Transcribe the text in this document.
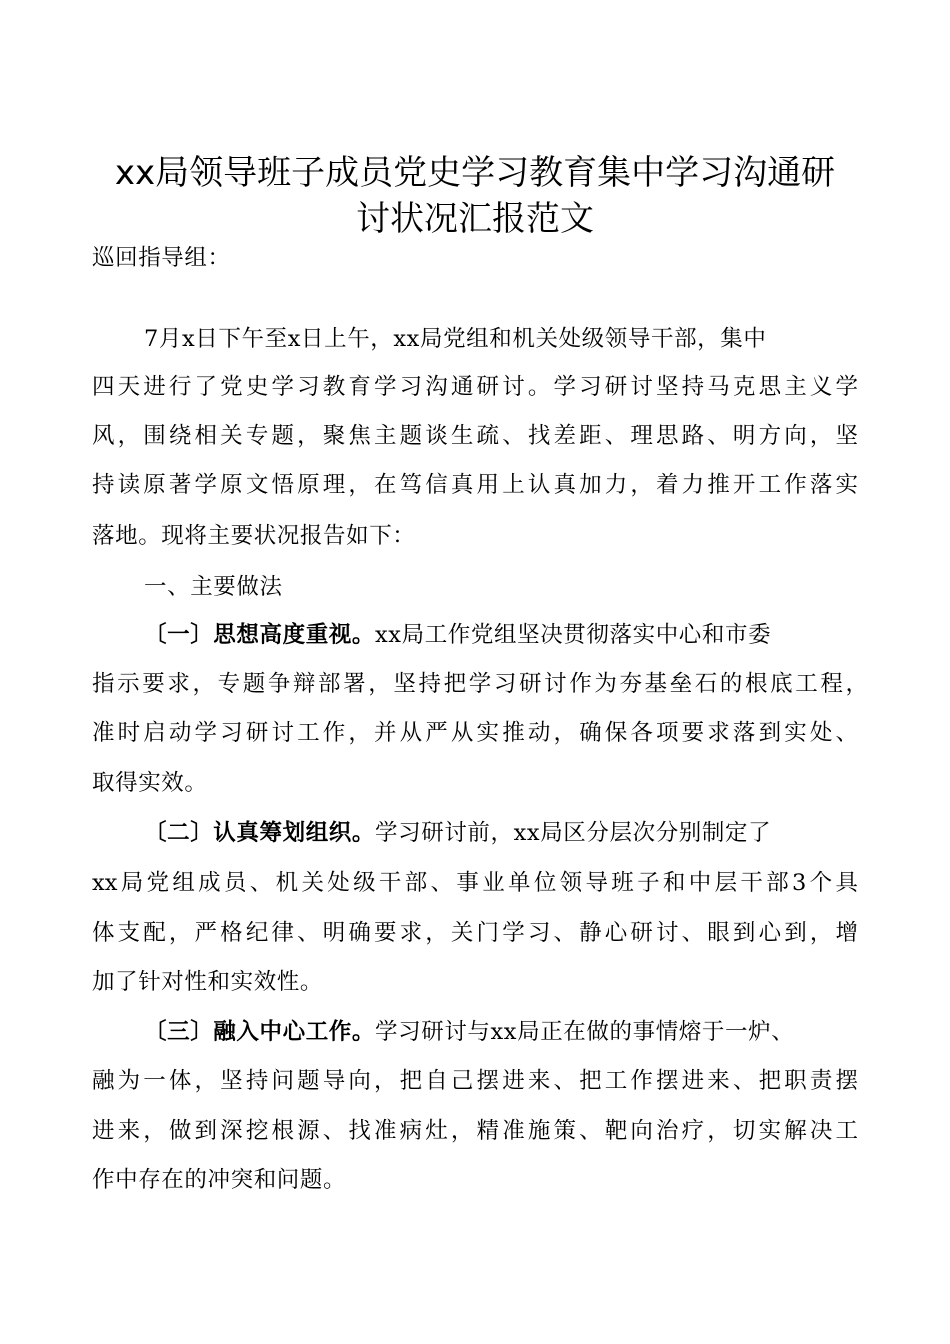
xx局领导班子成员党史学习教育集中学习沟通研
讨状况汇报范文
巡回指导组：
7月x日下午至x日上午，xx局党组和机关处级领导干部，集中
四天进行了党史学习教育学习沟通研讨。学习研讨坚持马克思主义学
风，围绕相关专题，聚焦主题谈生疏、找差距、理思路、明方向，坚
持读原著学原文悟原理，在笃信真用上认真加力，着力推开工作落实
落地。现将主要状况报告如下：
一、主要做法
〔一〕思想高度重视。xx局工作党组坚决贯彻落实中心和市委
指示要求，专题争辩部署，坚持把学习研讨作为夯基垒石的根底工程，
准时启动学习研讨工作，并从严从实推动，确保各项要求落到实处、
取得实效。
〔二〕认真筹划组织。学习研讨前，xx局区分层次分别制定了
xx局党组成员、机关处级干部、事业单位领导班子和中层干部3个具
体支配，严格纪律、明确要求，关门学习、静心研讨、眼到心到，增
加了针对性和实效性。
〔三〕融入中心工作。学习研讨与xx局正在做的事情熔于一炉、
融为一体，坚持问题导向，把自己摆进来、把工作摆进来、把职责摆
进来，做到深挖根源、找准病灶，精准施策、靶向治疗，切实解决工
作中存在的冲突和问题。
